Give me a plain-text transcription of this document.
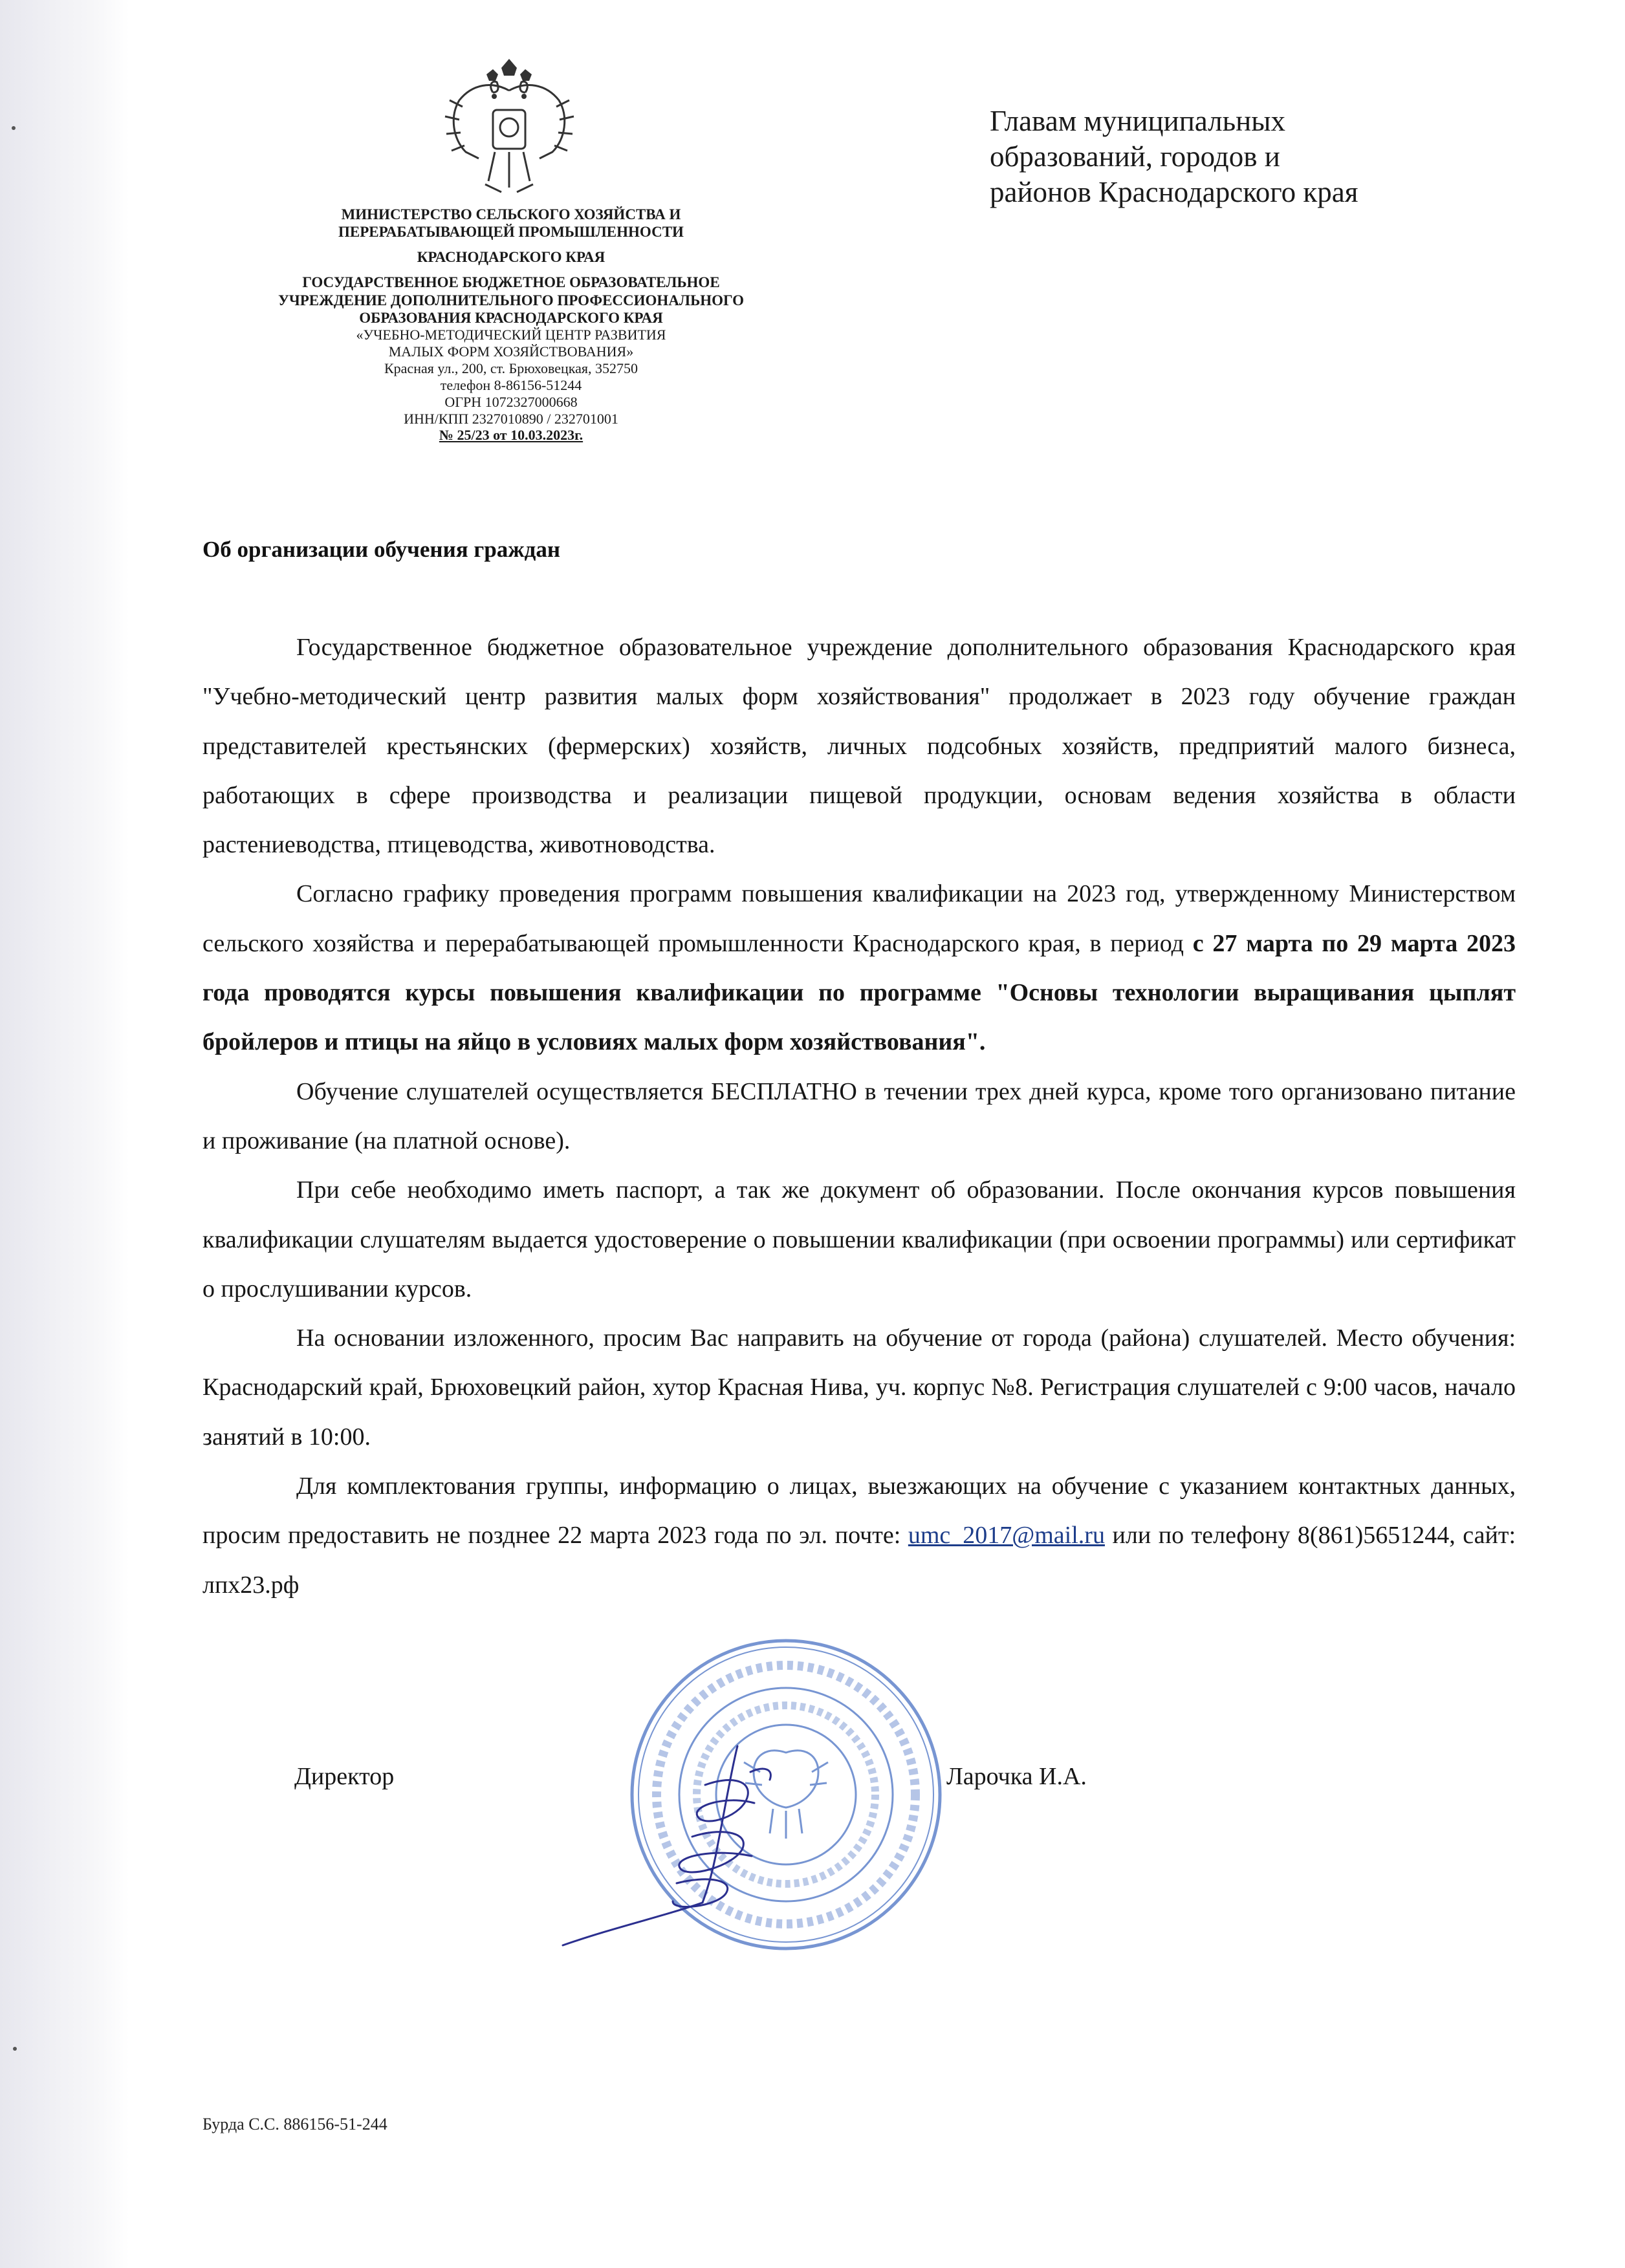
МИНИСТЕРСТВО СЕЛЬСКОГО ХОЗЯЙСТВА И
ПЕРЕРАБАТЫВАЮЩЕЙ ПРОМЫШЛЕННОСТИ
КРАСНОДАРСКОГО КРАЯ
ГОСУДАРСТВЕННОЕ БЮДЖЕТНОЕ ОБРАЗОВАТЕЛЬНОЕ
УЧРЕЖДЕНИЕ ДОПОЛНИТЕЛЬНОГО ПРОФЕССИОНАЛЬНОГО
ОБРАЗОВАНИЯ КРАСНОДАРСКОГО КРАЯ
«УЧЕБНО-МЕТОДИЧЕСКИЙ ЦЕНТР РАЗВИТИЯ
МАЛЫХ ФОРМ ХОЗЯЙСТВОВАНИЯ»
Красная ул., 200, ст. Брюховецкая, 352750
телефон 8-86156-51244
ОГРН 1072327000668
ИНН/КПП 2327010890 / 232701001
№ 25/23 от 10.03.2023г.
Главам муниципальных
образований, городов и
районов Краснодарского края
Об организации обучения граждан

Государственное бюджетное образовательное учреждение дополнительного образования Краснодарского края "Учебно-методический центр развития малых форм хозяйствования" продолжает в 2023 году обучение граждан представителей крестьянских (фермерских) хозяйств, личных подсобных хозяйств, предприятий малого бизнеса, работающих в сфере производства и реализации пищевой продукции, основам ведения хозяйства в области растениеводства, птицеводства, животноводства.

Согласно графику проведения программ повышения квалификации на 2023 год, утвержденному Министерством сельского хозяйства и перерабатывающей промышленности Краснодарского края, в период с 27 марта по 29 марта 2023 года проводятся курсы повышения квалификации по программе "Основы технологии выращивания цыплят бройлеров и птицы на яйцо в условиях малых форм хозяйствования".

Обучение слушателей осуществляется БЕСПЛАТНО в течении трех дней курса, кроме того организовано питание и проживание (на платной основе).

При себе необходимо иметь паспорт, а так же документ об образовании. После окончания курсов повышения квалификации слушателям выдается удостоверение о повышении квалификации (при освоении программы) или сертификат о прослушивании курсов.

На основании изложенного, просим Вас направить на обучение от города (района) слушателей. Место обучения: Краснодарский край, Брюховецкий район, хутор Красная Нива, уч. корпус №8. Регистрация слушателей с 9:00 часов, начало занятий в 10:00.

Для комплектования группы, информацию о лицах, выезжающих на обучение с указанием контактных данных, просим предоставить не позднее 22 марта 2023 года по эл. почте: umc_2017@mail.ru или по телефону 8(861)5651244, сайт: лпх23.рф

Директор	Ларочка И.А.
Бурда С.С. 886156-51-244
